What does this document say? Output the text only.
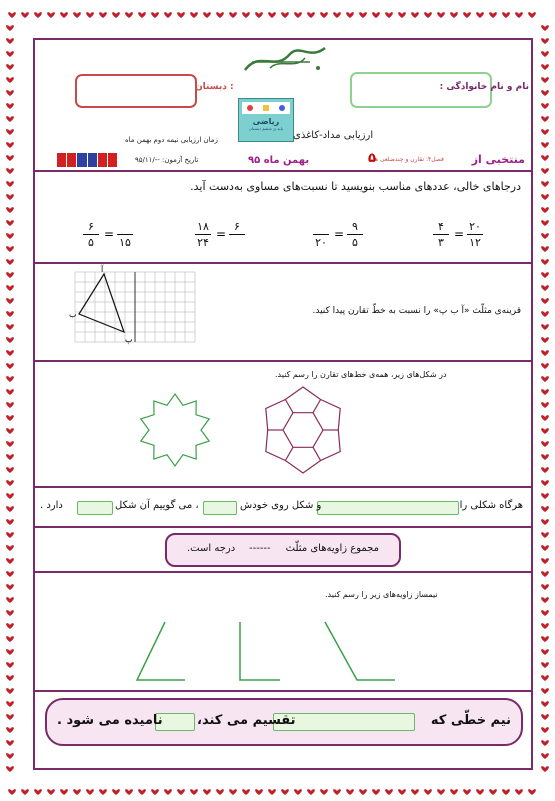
نام و نام خانوادگی :
: دبستان
ریاضی
پایه ی ششم دبستان
ارزیابی مداد-کاغذی
زمان ارزیابی نیمه دوم بهمن ماه
تاریخ آزمون: --/۹۵/۱۱	بهمن ماه ۹۵	فصل۴: تقارن و چندضلعی ها
۵	منتخبی از
درجاهای خالی، عددهای مناسب بنویسید تا نسبت‌های مساوی به‌دست آید.
۲۰
۱۲
=
۴
۳
۹
۵
=
۲۰
۶
=
۱۸
۲۴
۱۵
=
۶
۵
آ
ب
پ
قرینه‌ی مثلّث «آ ب پ» را نسبت به خطّ تقارن پیدا کنید.
در شکل‌های زیر، همه‌ی خط‌های تقارن را رسم کنید.
هرگاه شکلی را
و شکل روی خودش
، می گوییم آن شکل
دارد .
مجموع زاویه‌های مثلّث
------
درجه است.
نیمساز زاویه‌های زیر را رسم کنید.
نیم خطّی که
تقسیم می کند،
نامیده می شود .
